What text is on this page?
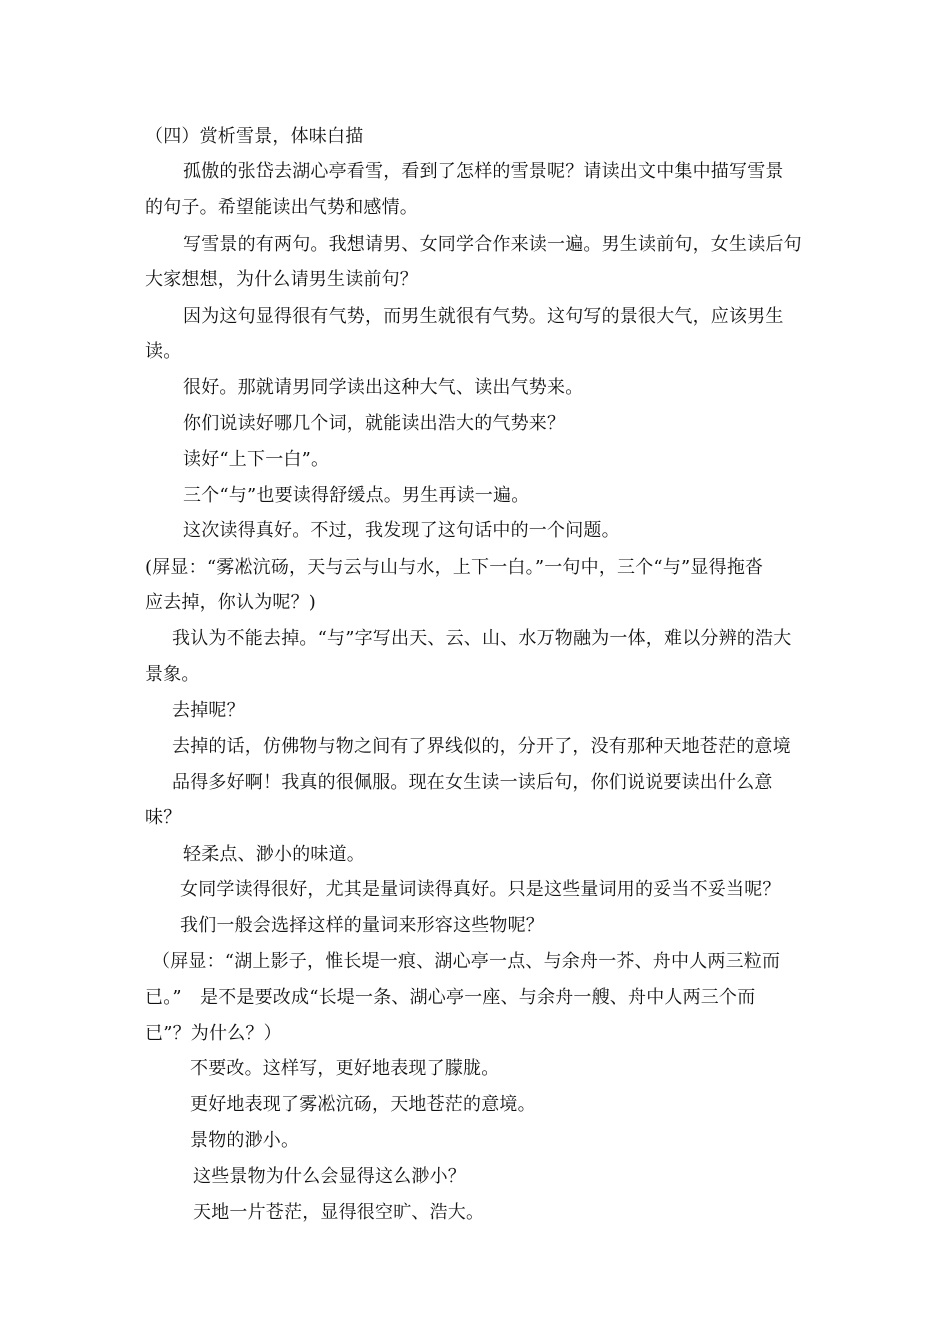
（四）赏析雪景，体味白描
孤傲的张岱去湖心亭看雪，看到了怎样的雪景呢？请读出文中集中描写雪景
的句子。希望能读出气势和感情。
写雪景的有两句。我想请男、女同学合作来读一遍。男生读前句，女生读后句
大家想想，为什么请男生读前句？
因为这句显得很有气势，而男生就很有气势。这句写的景很大气，应该男生
读。
很好。那就请男同学读出这种大气、读出气势来。
你们说读好哪几个词，就能读出浩大的气势来？
读好“上下一白”。
三个“与”也要读得舒缓点。男生再读一遍。
这次读得真好。不过，我发现了这句话中的一个问题。
(屏显：“雾凇沆砀，天与云与山与水，上下一白。”一句中，三个“与”显得拖沓
应去掉，你认为呢？)
我认为不能去掉。“与”字写出天、云、山、水万物融为一体，难以分辨的浩大
景象。
去掉呢？
去掉的话，仿佛物与物之间有了界线似的，分开了，没有那种天地苍茫的意境
品得多好啊！我真的很佩服。现在女生读一读后句，你们说说要读出什么意
味？
轻柔点、渺小的味道。
女同学读得很好，尤其是量词读得真好。只是这些量词用的妥当不妥当呢？
我们一般会选择这样的量词来形容这些物呢？
（屏显：“湖上影子，惟长堤一痕、湖心亭一点、与余舟一芥、舟中人两三粒而
已。”　是不是要改成“长堤一条、湖心亭一座、与余舟一艘、舟中人两三个而
已”？为什么？）
不要改。这样写，更好地表现了朦胧。
更好地表现了雾凇沆砀，天地苍茫的意境。
景物的渺小。
这些景物为什么会显得这么渺小？
天地一片苍茫，显得很空旷、浩大。
